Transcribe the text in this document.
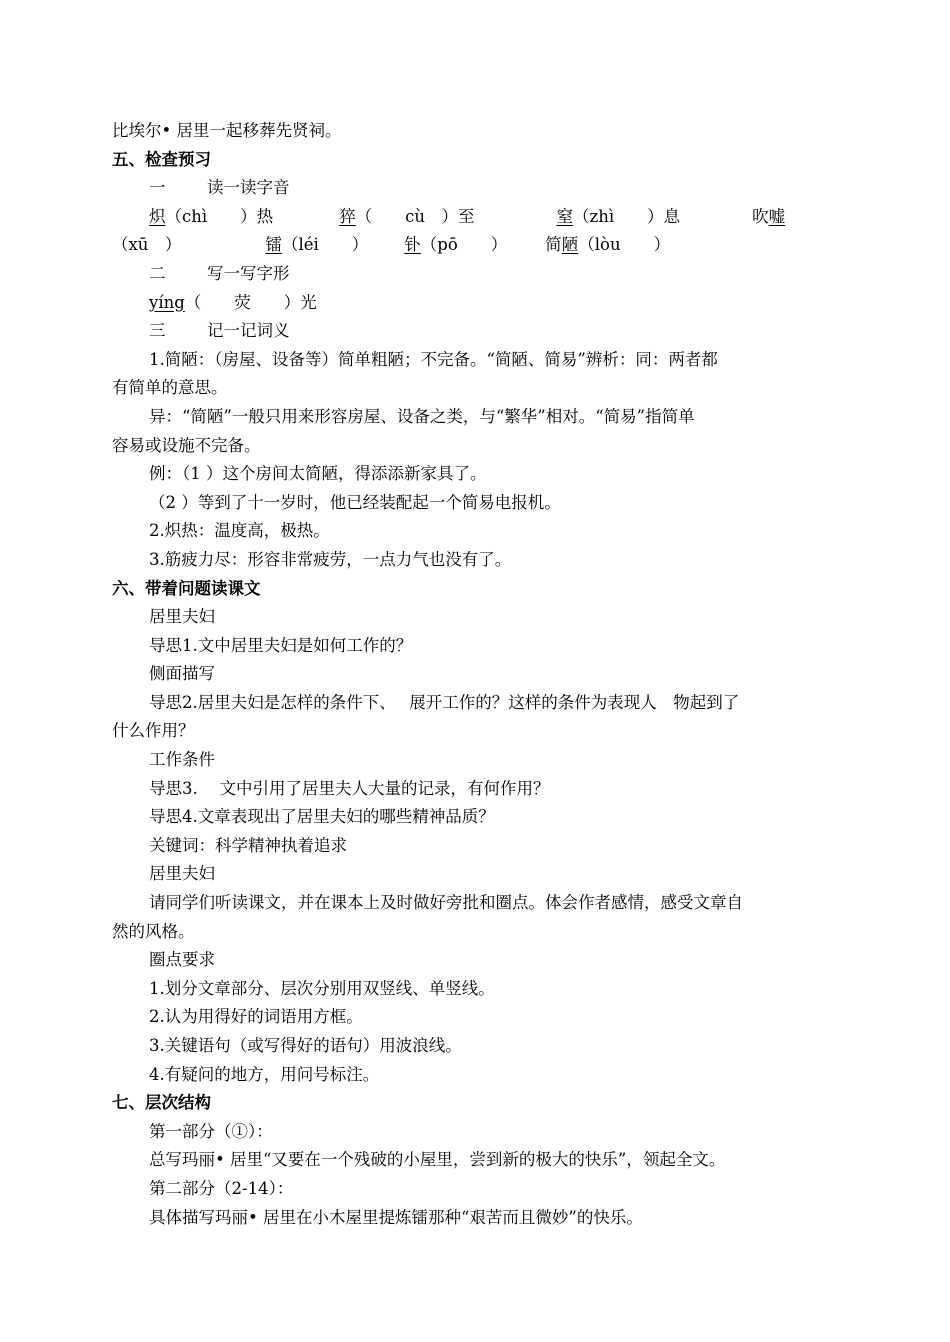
比埃尔• 居里一起移葬先贤祠。
五、检查预习
一	读一读字音
炽（chì　　）热	猝（　　cù　）至	窒（zhì　　）息	吹嘘
（xū　）	镭（léi　　） 钋（pō　　） 简陋（lòu　　）
二	写一写字形
yíng（　　荧　　）光
三	记一记词义
1.简陋：（房屋、设备等）简单粗陋；不完备。“简陋、简易”辨析：同：两者都
有简单的意思。
异：“简陋”一般只用来形容房屋、设备之类，与“繁华”相对。“简易”指简单
容易或设施不完备。
例：（1 ）这个房间太简陋，得添添新家具了。
（2 ）等到了十一岁时，他已经装配起一个简易电报机。
2.炽热：温度高，极热。
3.筋疲力尽：形容非常疲劳，一点力气也没有了。
六、带着问题读课文
居里夫妇
导思1.文中居里夫妇是如何工作的？
侧面描写
导思2.居里夫妇是怎样的条件下、　 展开工作的？这样的条件为表现人　物起到了
什么作用？
工作条件
导思3.　 文中引用了居里夫人大量的记录，有何作用？
导思4.文章表现出了居里夫妇的哪些精神品质？
关键词：科学精神执着追求
居里夫妇
请同学们听读课文，并在课本上及时做好旁批和圈点。体会作者感情，感受文章自
然的风格。
圈点要求
1.划分文章部分、层次分别用双竖线、单竖线。
2.认为用得好的词语用方框。
3.关键语句（或写得好的语句）用波浪线。
4.有疑问的地方，用问号标注。
七、层次结构
第一部分（①）：
总写玛丽• 居里“又要在一个残破的小屋里，尝到新的极大的快乐”，领起全文。
第二部分（2-14）：
具体描写玛丽• 居里在小木屋里提炼镭那种“艰苦而且微妙”的快乐。
